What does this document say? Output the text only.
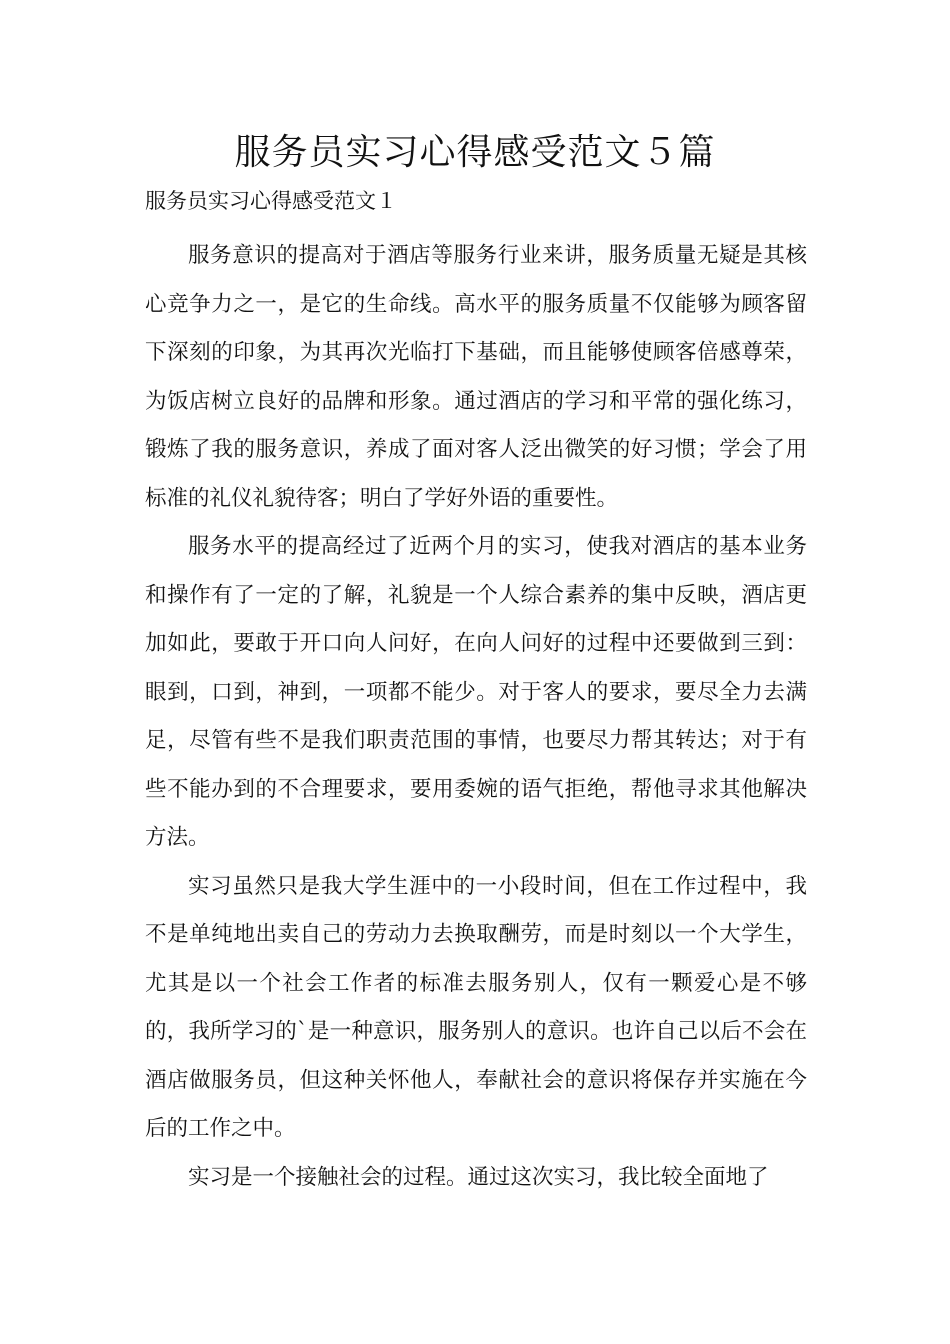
服务员实习心得感受范文５篇
服务员实习心得感受范文１

服务意识的提高对于酒店等服务行业来讲，服务质量无疑是其核心竞争力之一，是它的生命线。高水平的服务质量不仅能够为顾客留下深刻的印象，为其再次光临打下基础，而且能够使顾客倍感尊荣，为饭店树立良好的品牌和形象。通过酒店的学习和平常的强化练习，锻炼了我的服务意识，养成了面对客人泛出微笑的好习惯；学会了用标准的礼仪礼貌待客；明白了学好外语的重要性。

服务水平的提高经过了近两个月的实习，使我对酒店的基本业务和操作有了一定的了解，礼貌是一个人综合素养的集中反映，酒店更加如此，要敢于开口向人问好，在向人问好的过程中还要做到三到：眼到，口到，神到，一项都不能少。对于客人的要求，要尽全力去满足，尽管有些不是我们职责范围的事情，也要尽力帮其转达；对于有些不能办到的不合理要求，要用委婉的语气拒绝，帮他寻求其他解决方法。

实习虽然只是我大学生涯中的一小段时间，但在工作过程中，我不是单纯地出卖自己的劳动力去换取酬劳，而是时刻以一个大学生，尤其是以一个社会工作者的标准去服务别人，仅有一颗爱心是不够的，我所学习的`是一种意识，服务别人的意识。也许自己以后不会在酒店做服务员，但这种关怀他人，奉献社会的意识将保存并实施在今后的工作之中。

实习是一个接触社会的过程。通过这次实习，我比较全面地了
